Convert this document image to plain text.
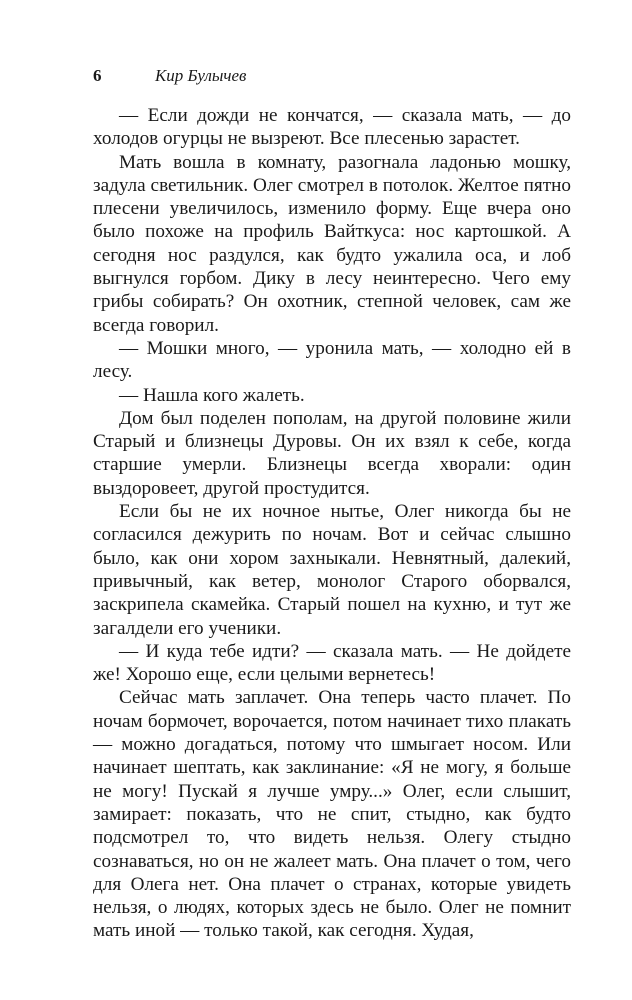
6	Кир Булычев

— Если дожди не кончатся, — сказала мать, — до холодов огурцы не вызреют. Все плесенью зарастет.

Мать вошла в комнату, разогнала ладонью мошку, задула светильник. Олег смотрел в потолок. Желтое пятно плесени увеличилось, изменило форму. Еще вчера оно было похоже на профиль Вайткуса: нос картошкой. А сегодня нос раздулся, как будто ужалила оса, и лоб выгнулся горбом. Дику в лесу неинтересно. Чего ему грибы собирать? Он охотник, степной человек, сам же всегда говорил.

— Мошки много, — уронила мать, — холодно ей в лесу.

— Нашла кого жалеть.

Дом был поделен пополам, на другой половине жили Старый и близнецы Дуровы. Он их взял к себе, когда старшие умерли. Близнецы всегда хворали: один выздоровеет, другой простудится.

Если бы не их ночное нытье, Олег никогда бы не согласился дежурить по ночам. Вот и сейчас слышно было, как они хором захныкали. Невнятный, далекий, привычный, как ветер, монолог Старого оборвался, заскрипела скамейка. Старый пошел на кухню, и тут же загалдели его ученики.

— И куда тебе идти? — сказала мать. — Не дойдете же! Хорошо еще, если целыми вернетесь!

Сейчас мать заплачет. Она теперь часто плачет. По ночам бормочет, ворочается, потом начинает тихо плакать — можно догадаться, потому что шмыгает носом. Или начинает шептать, как заклинание: «Я не могу, я больше не могу! Пускай я лучше умру...» Олег, если слышит, замирает: показать, что не спит, стыдно, как будто подсмотрел то, что видеть нельзя. Олегу стыдно сознаваться, но он не жалеет мать. Она плачет о том, чего для Олега нет. Она плачет о странах, которые увидеть нельзя, о людях, которых здесь не было. Олег не помнит мать иной — только такой, как сегодня. Худая,
